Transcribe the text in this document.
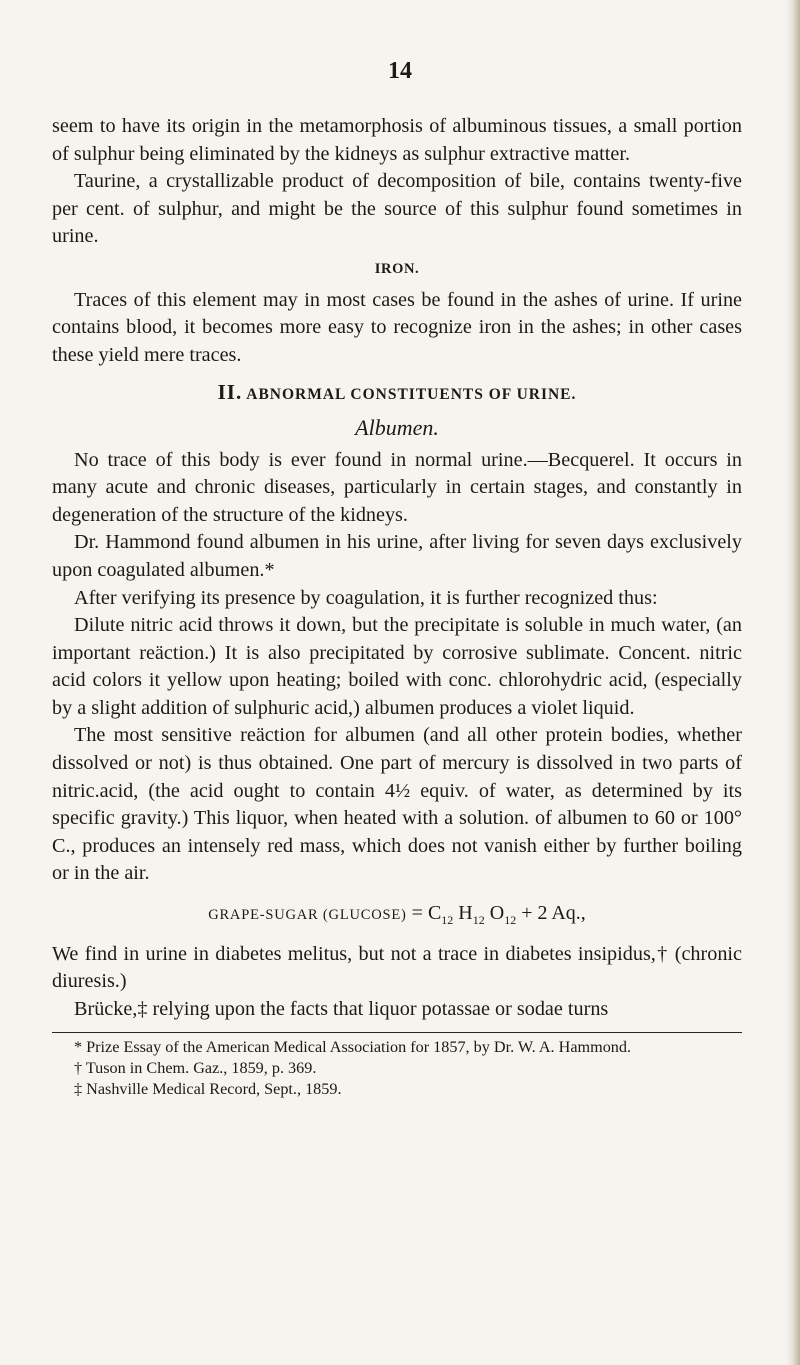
14

seem to have its origin in the metamorphosis of albuminous tissues, a small portion of sulphur being eliminated by the kidneys as sulphur extractive matter.

Taurine, a crystallizable product of decomposition of bile, contains twenty-five per cent. of sulphur, and might be the source of this sulphur found sometimes in urine.

IRON.

Traces of this element may in most cases be found in the ashes of urine. If urine contains blood, it becomes more easy to recognize iron in the ashes; in other cases these yield mere traces.

II. ABNORMAL CONSTITUENTS OF URINE.
Albumen.

No trace of this body is ever found in normal urine.—Becquerel. It occurs in many acute and chronic diseases, particularly in certain stages, and constantly in degeneration of the structure of the kidneys.

Dr. Hammond found albumen in his urine, after living for seven days exclusively upon coagulated albumen.*

After verifying its presence by coagulation, it is further recognized thus:

Dilute nitric acid throws it down, but the precipitate is soluble in much water, (an important reäction.) It is also precipitated by corrosive sublimate. Concent. nitric acid colors it yellow upon heating; boiled with conc. chlorohydric acid, (especially by a slight addition of sulphuric acid,) albumen produces a violet liquid.

The most sensitive reäction for albumen (and all other protein bodies, whether dissolved or not) is thus obtained. One part of mercury is dissolved in two parts of nitric.acid, (the acid ought to contain 4½ equiv. of water, as determined by its specific gravity.) This liquor, when heated with a solution. of albumen to 60 or 100° C., produces an intensely red mass, which does not vanish either by further boiling or in the air.

GRAPE-SUGAR (GLUCOSE) = $C_{12}$ $H_{12}$ $O_{12} + 2$ Aq.,

We find in urine in diabetes melitus, but not a trace in diabetes insipidus,† (chronic diuresis.)

Brücke,‡ relying upon the facts that liquor potassae or sodae turns

* Prize Essay of the American Medical Association for 1857, by Dr. W. A. Hammond.

† Tuson in Chem. Gaz., 1859, p. 369.

‡ Nashville Medical Record, Sept., 1859.
